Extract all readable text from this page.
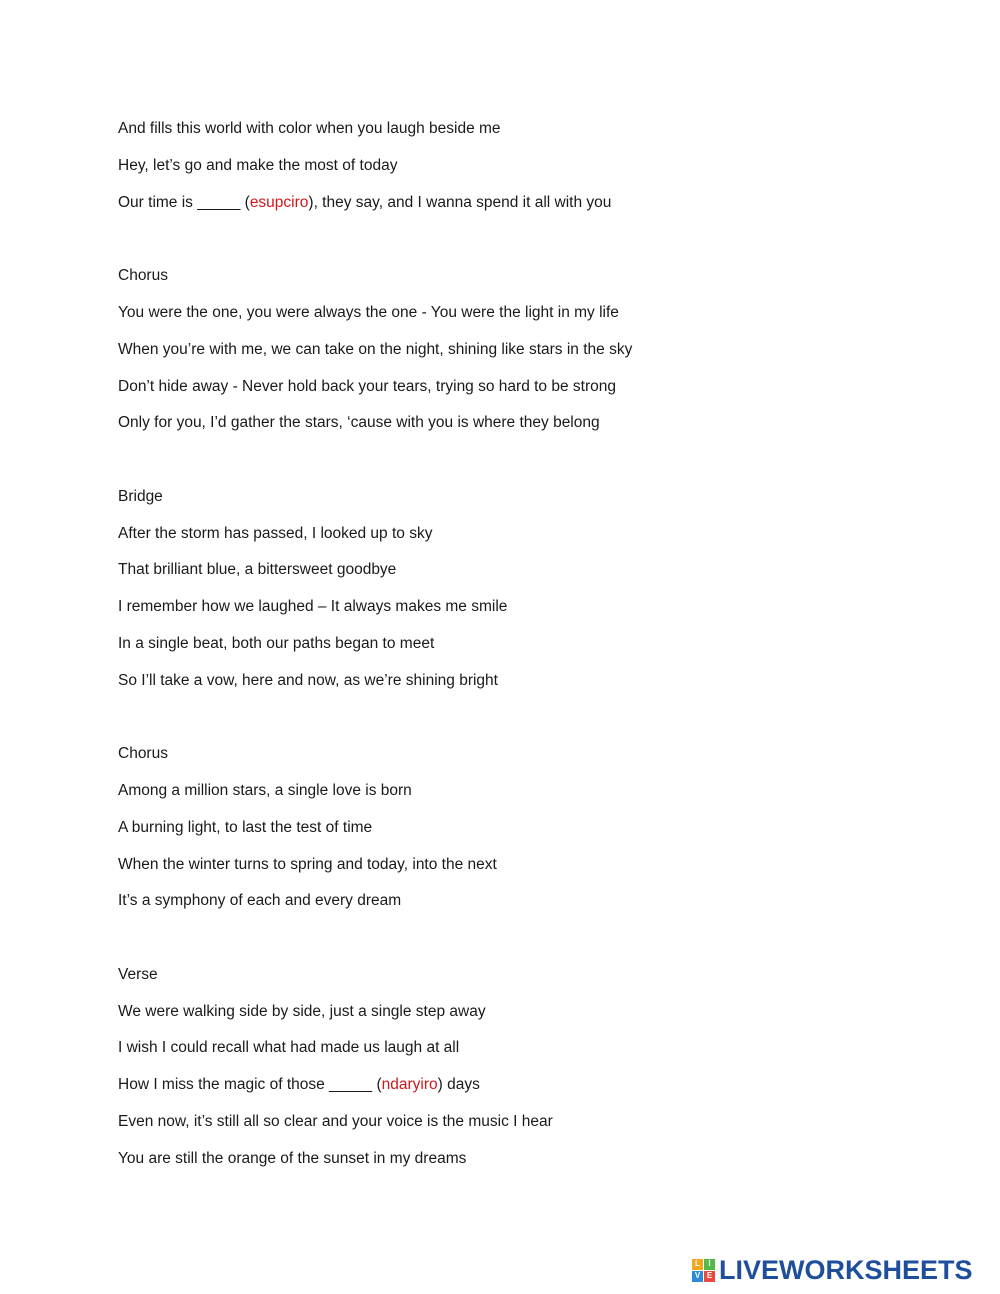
And fills this world with color when you laugh beside me
Hey, let’s go and make the most of today
Our time is _____ (esupciro), they say, and I wanna spend it all with you
Chorus
You were the one, you were always the one - You were the light in my life
When you’re with me, we can take on the night, shining like stars in the sky
Don’t hide away - Never hold back your tears, trying so hard to be strong
Only for you, I’d gather the stars, ‘cause with you is where they belong
Bridge
After the storm has passed, I looked up to sky
That brilliant blue, a bittersweet goodbye
I remember how we laughed – It always makes me smile
In a single beat, both our paths began to meet
So I’ll take a vow, here and now, as we’re shining bright
Chorus
Among a million stars, a single love is born
A burning light, to last the test of time
When the winter turns to spring and today, into the next
It’s a symphony of each and every dream
Verse
We were walking side by side, just a single step away
I wish I could recall what had made us laugh at all
How I miss the magic of those _____ (ndaryiro) days
Even now, it’s still all so clear and your voice is the music I hear
You are still the orange of the sunset in my dreams
L	I
V E LIVEWORKSHEETS
